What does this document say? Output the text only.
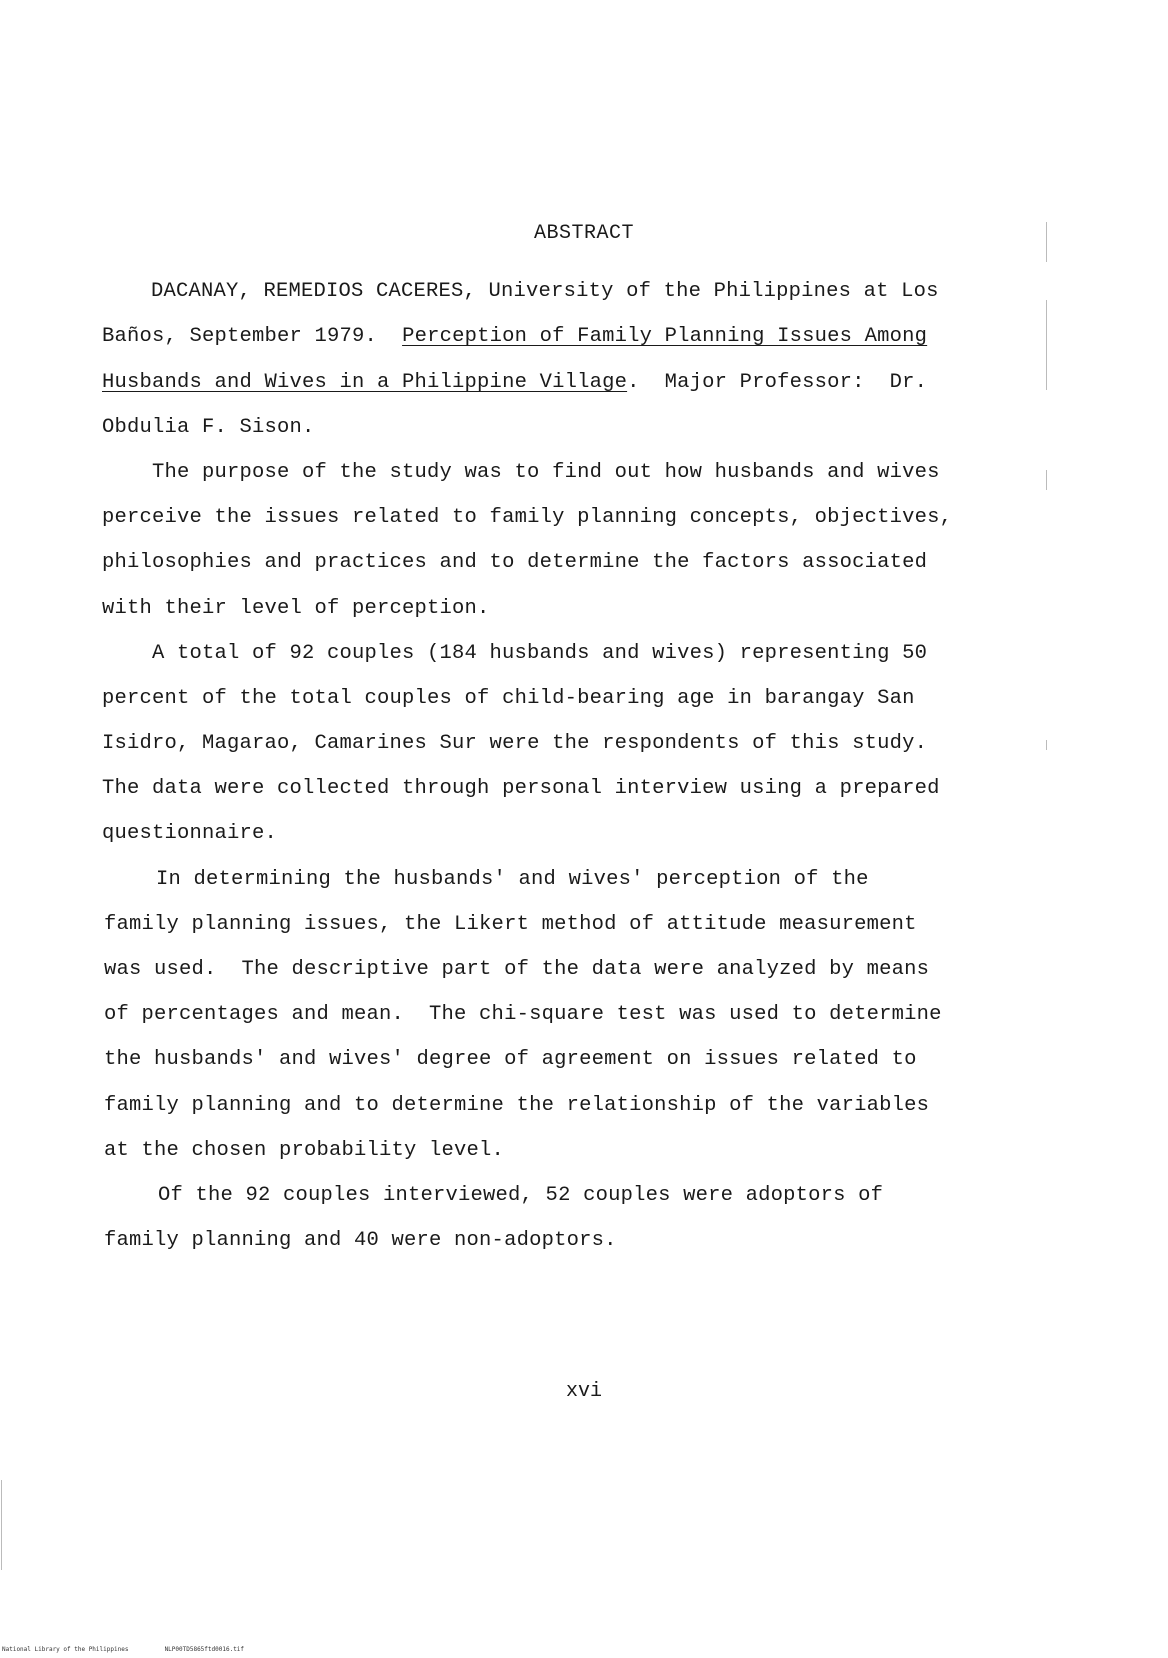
ABSTRACT
DACANAY, REMEDIOS CACERES, University of the Philippines at Los
Baños, September 1979.  Perception of Family Planning Issues Among
Husbands and Wives in a Philippine Village.  Major Professor:  Dr.
Obdulia F. Sison.
The purpose of the study was to find out how husbands and wives
perceive the issues related to family planning concepts, objectives,
philosophies and practices and to determine the factors associated
with their level of perception.
A total of 92 couples (184 husbands and wives) representing 50
percent of the total couples of child-bearing age in barangay San
Isidro, Magarao, Camarines Sur were the respondents of this study.
The data were collected through personal interview using a prepared
questionnaire.
In determining the husbands' and wives' perception of the
family planning issues, the Likert method of attitude measurement
was used.  The descriptive part of the data were analyzed by means
of percentages and mean.  The chi-square test was used to determine
the husbands' and wives' degree of agreement on issues related to
family planning and to determine the relationship of the variables
at the chosen probability level.
Of the 92 couples interviewed, 52 couples were adoptors of
family planning and 40 were non-adoptors.
xvi
National Library of the Philippines	NLP00TD5865ftd0016.tif
